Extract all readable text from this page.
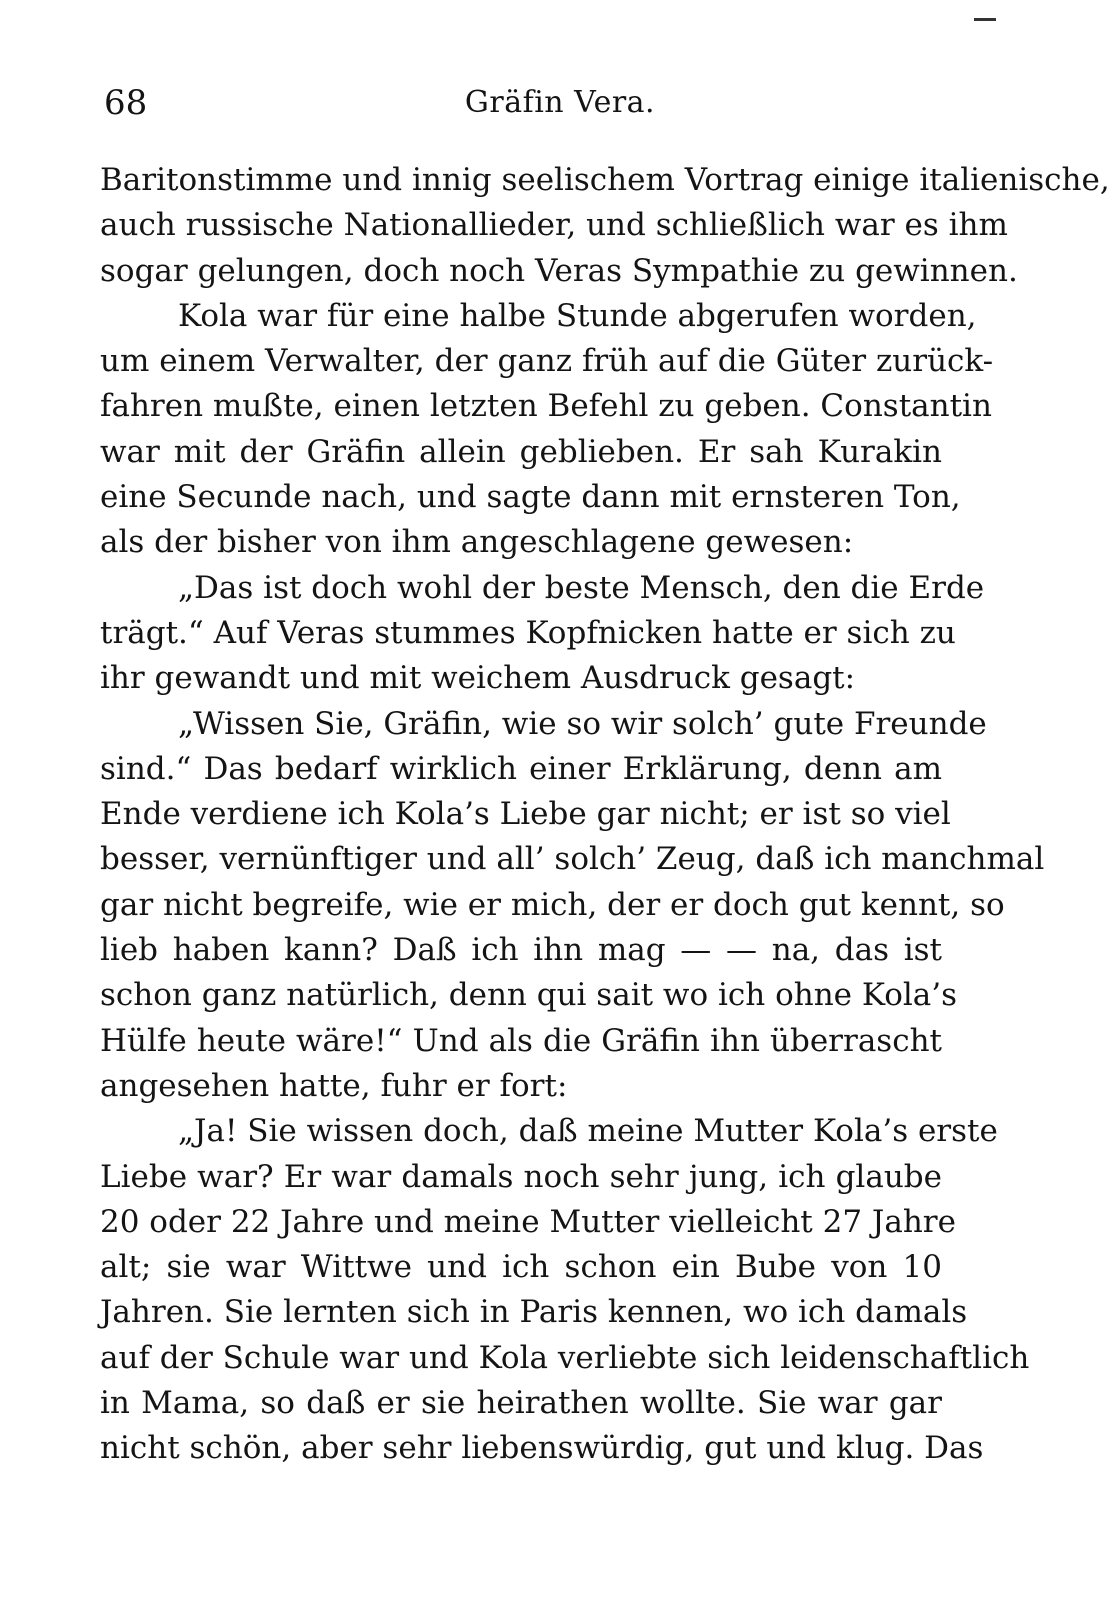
68	Gräfin Vera.
Baritonstimme und innig seelischem Vortrag einige italienische,
auch russische Nationallieder, und schließlich war es ihm
sogar gelungen, doch noch Veras Sympathie zu gewinnen.
Kola war für eine halbe Stunde abgerufen worden,
um einem Verwalter, der ganz früh auf die Güter zurück-
fahren mußte, einen letzten Befehl zu geben. Constantin
war mit der Gräfin allein geblieben. Er sah Kurakin
eine Secunde nach, und sagte dann mit ernsteren Ton,
als der bisher von ihm angeschlagene gewesen:
„Das ist doch wohl der beste Mensch, den die Erde
trägt.“ Auf Veras stummes Kopfnicken hatte er sich zu
ihr gewandt und mit weichem Ausdruck gesagt:
„Wissen Sie, Gräfin, wie so wir solch’ gute Freunde
sind.“ Das bedarf wirklich einer Erklärung, denn am
Ende verdiene ich Kola’s Liebe gar nicht; er ist so viel
besser, vernünftiger und all’ solch’ Zeug, daß ich manchmal
gar nicht begreife, wie er mich, der er doch gut kennt, so
lieb haben kann? Daß ich ihn mag — — na, das ist
schon ganz natürlich, denn qui sait wo ich ohne Kola’s
Hülfe heute wäre!“ Und als die Gräfin ihn überrascht
angesehen hatte, fuhr er fort:
„Ja! Sie wissen doch, daß meine Mutter Kola’s erste
Liebe war? Er war damals noch sehr jung, ich glaube
20 oder 22 Jahre und meine Mutter vielleicht 27 Jahre
alt; sie war Wittwe und ich schon ein Bube von 10
Jahren. Sie lernten sich in Paris kennen, wo ich damals
auf der Schule war und Kola verliebte sich leidenschaftlich
in Mama, so daß er sie heirathen wollte. Sie war gar
nicht schön, aber sehr liebenswürdig, gut und klug. Das
